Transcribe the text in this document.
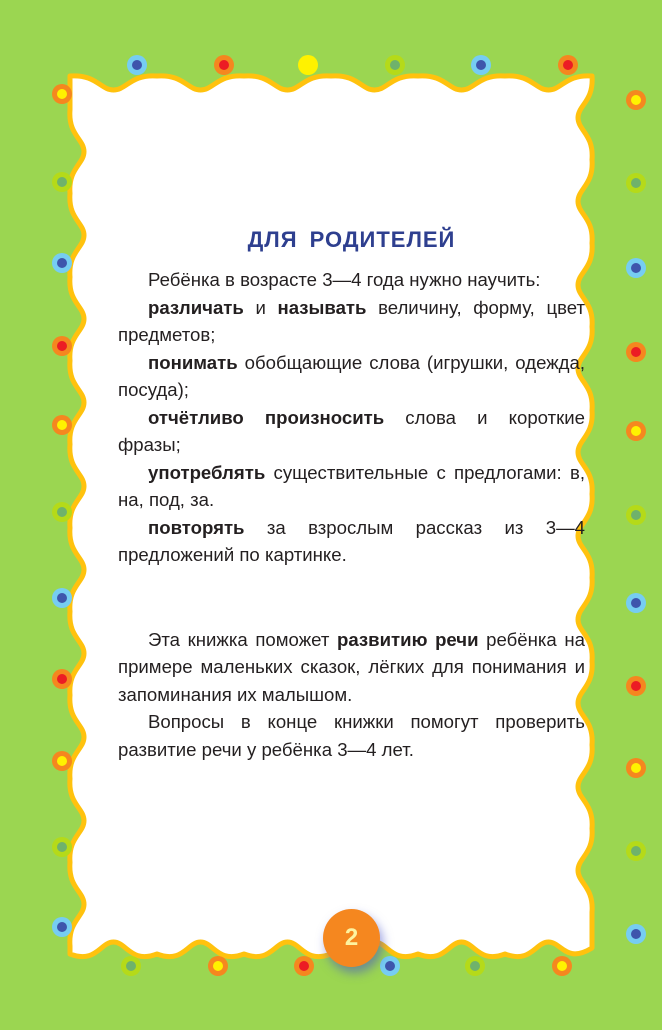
ДЛЯ РОДИТЕЛЕЙ

Ребёнка в возрасте 3—4 года нужно научить:

различать и называть величину, форму, цвет предметов;

понимать обобщающие слова (игрушки, одежда, посуда);

отчётливо произносить слова и короткие фразы;

употреблять существительные с предлогами: в, на, под, за.

повторять за взрослым рассказ из 3—4 предложений по картинке.

Эта книжка поможет развитию речи ребёнка на примере маленьких сказок, лёгких для понимания и запоминания их малышом.

Вопросы в конце книжки помогут проверить развитие речи у ребёнка 3—4 лет.

2
